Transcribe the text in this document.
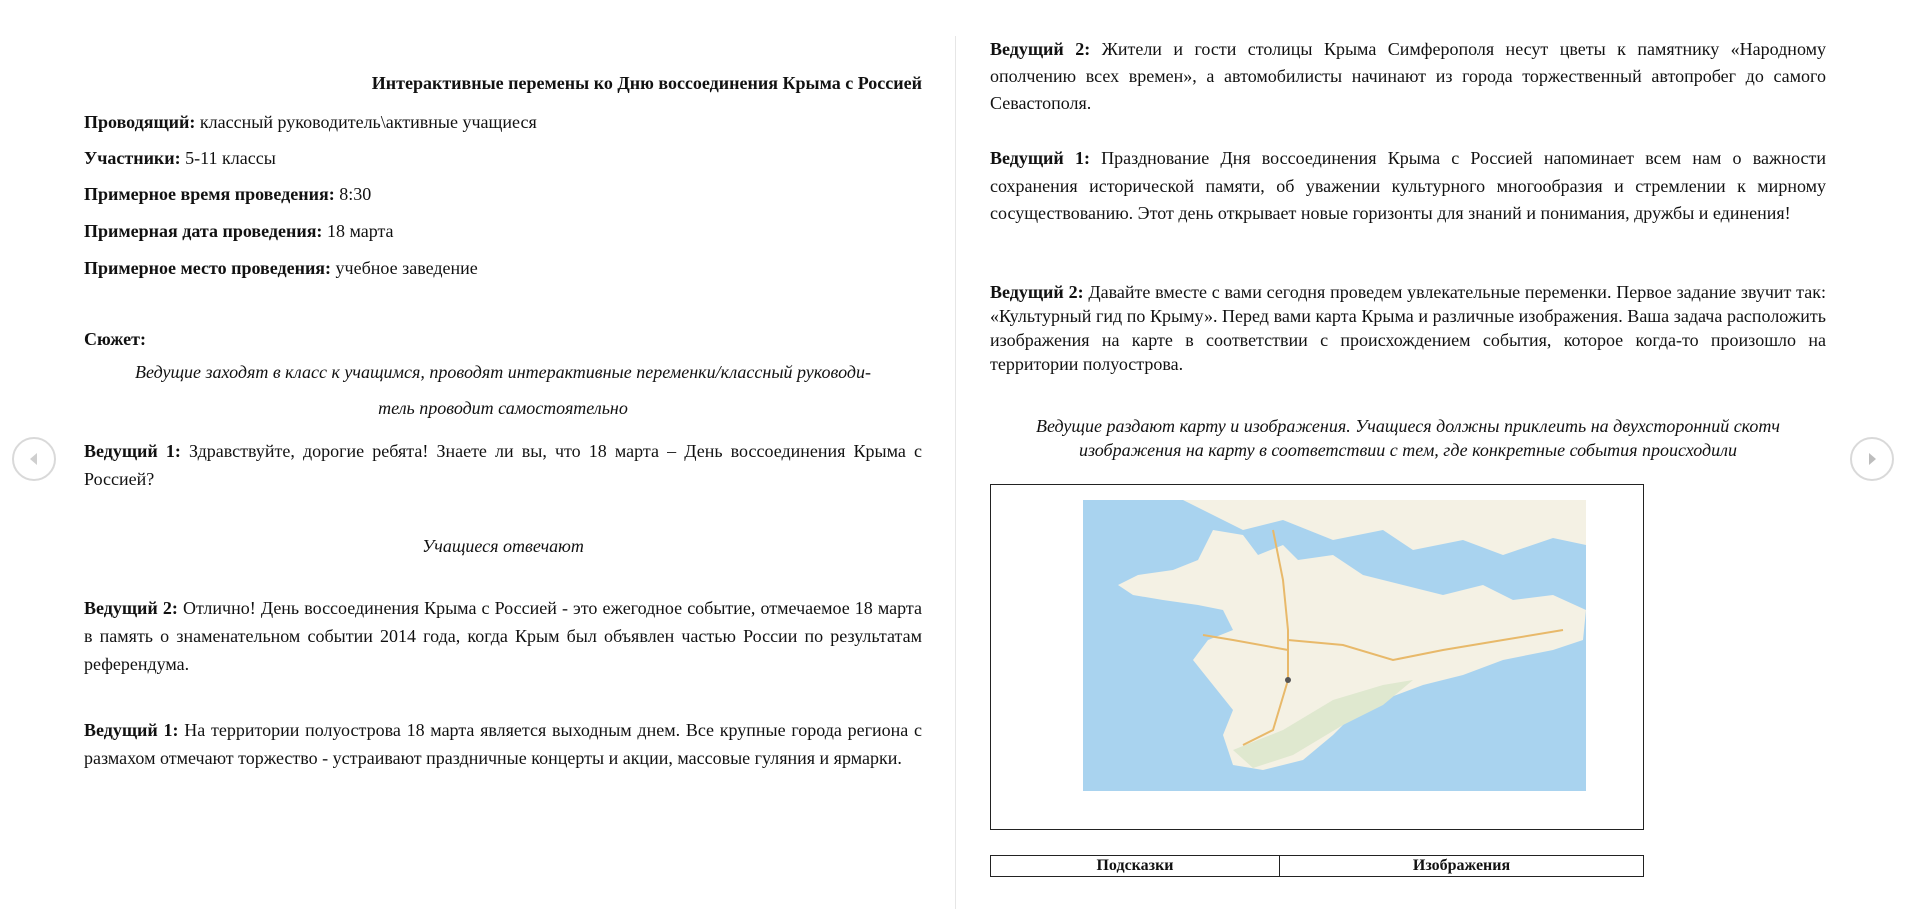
Интерактивные перемены ко Дню воссоединения Крыма с Россией
Проводящий: классный руководитель\активные учащиеся
Участники: 5-11 классы
Примерное время проведения: 8:30
Примерная дата проведения: 18 марта
Примерное место проведения: учебное заведение
Сюжет:

Ведущие заходят в класс к учащимся, проводят интерактивные переменки/классный руководи-
тель проводит самостоятельно

Ведущий 1: Здравствуйте, дорогие ребята! Знаете ли вы, что 18 марта – День воссоединения Крыма с Россией?

Учащиеся отвечают

Ведущий 2: Отлично! День воссоединения Крыма с Россией - это ежегодное событие, отмечаемое 18 марта в память о знаменательном событии 2014 года, когда Крым был объявлен частью России по результатам референдума.

Ведущий 1: На территории полуострова 18 марта является выходным днем. Все крупные города региона с размахом отмечают торжество - устраивают праздничные концерты и акции, массовые гуляния и ярмарки.

Ведущий 2: Жители и гости столицы Крыма Симферополя несут цветы к памятнику «Народному ополчению всех времен», а автомобилисты начинают из города торжественный автопробег до самого Севастополя.

Ведущий 1: Празднование Дня воссоединения Крыма с Россией напоминает всем нам о важности сохранения исторической памяти, об уважении культурного многообразия и стремлении к мирному сосуществованию. Этот день открывает новые горизонты для знаний и понимания, дружбы и единения!

Ведущий 2: Давайте вместе с вами сегодня проведем увлекательные переменки. Первое задание звучит так: «Культурный гид по Крыму». Перед вами карта Крыма и различные изображения. Ваша задача расположить изображения на карте в соответствии с происхождением события, которое когда-то произошло на территории полуострова.

Ведущие раздают карту и изображения. Учащиеся должны приклеить на двухсторонний скотч изображения на карту в соответствии с тем, где конкретные события происходили

Подсказки	Изображения
